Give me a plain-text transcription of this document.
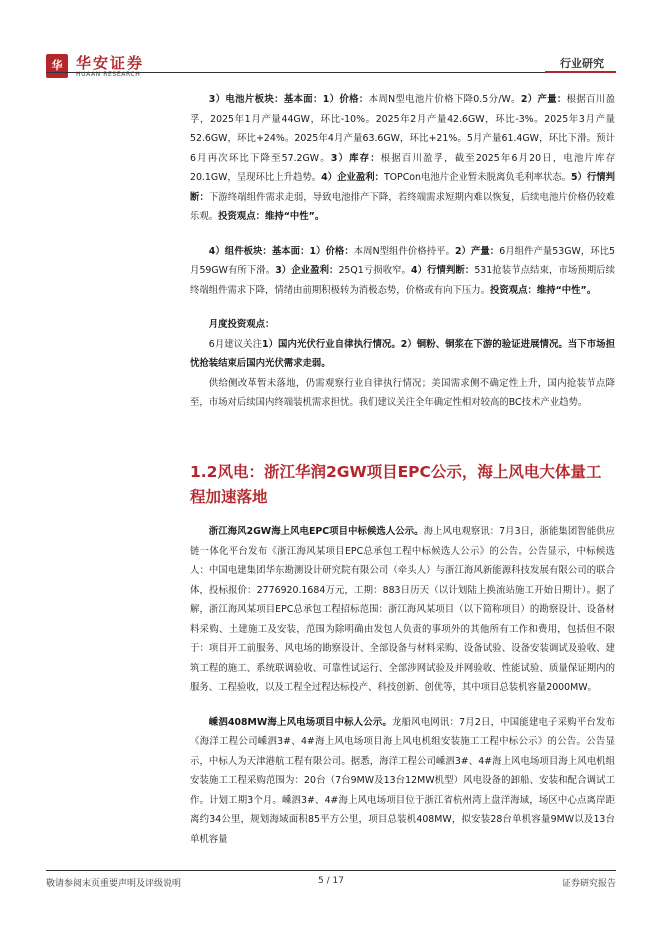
华 华安证券
HUAAN RESEARCH
行业研究

3）电池片板块：基本面：1）价格：本周N型电池片价格下降0.5分/W。2）产量：根据百川盈孚，2025年1月产量44GW，环比-10%。2025年2月产量42.6GW，环比-3%。2025年3月产量52.6GW，环比+24%。2025年4月产量63.6GW，环比+21%。5月产量61.4GW，环比下滑。预计6月再次环比下降至57.2GW。3）库存：根据百川盈孚，截至2025年6月20日，电池片库存20.1GW，呈现环比上升趋势。4）企业盈利：TOPCon电池片企业暂未脱离负毛利率状态。5）行情判断：下游终端组件需求走弱，导致电池排产下降，若终端需求短期内难以恢复，后续电池片价格仍较难乐观。投资观点：维持“中性”。

4）组件板块：基本面：1）价格：本周N型组件价格持平。2）产量：6月组件产量53GW，环比5月59GW有所下滑。3）企业盈利：25Q1亏损收窄。4）行情判断：531抢装节点结束，市场预期后续终端组件需求下降，情绪由前期积极转为消极态势，价格或有向下压力。投资观点：维持“中性”。

月度投资观点：

6月建议关注1）国内光伏行业自律执行情况。2）铜粉、铜浆在下游的验证进展情况。当下市场担忧抢装结束后国内光伏需求走弱。

供给侧改革暂未落地，仍需观察行业自律执行情况；美国需求侧不确定性上升，国内抢装节点降至，市场对后续国内终端装机需求担忧。我们建议关注全年确定性相对较高的BC技术产业趋势。

1.2风电：浙江华润2GW项目EPC公示，海上风电大体量工程加速落地

浙江海风2GW海上风电EPC项目中标候选人公示。海上风电观察讯：7月3日，浙能集团智能供应链一体化平台发布《浙江海风某项目EPC总承包工程中标候选人公示》的公告。公告显示，中标候选人：中国电建集团华东勘测设计研究院有限公司（牵头人）与浙江海风新能源科技发展有限公司的联合体，投标报价：2776920.1684万元，工期：883日历天（以计划陆上换流站施工开始日期计）。据了解，浙江海风某项目EPC总承包工程招标范围：浙江海风某项目（以下简称项目）的勘察设计、设备材料采购、土建施工及安装，范围为除明确由发包人负责的事项外的其他所有工作和费用，包括但不限于：项目开工前服务、风电场的勘察设计、全部设备与材料采购、设备试验、设备安装调试及验收、建筑工程的施工、系统联调验收、可靠性试运行、全部涉网试验及并网验收、性能试验、质量保证期内的服务、工程验收，以及工程全过程达标投产、科技创新、创优等，其中项目总装机容量2000MW。

嵊泗408MW海上风电场项目中标人公示。龙船风电网讯：7月2日，中国能建电子采购平台发布《海洋工程公司嵊泗3#、4#海上风电场项目海上风电机组安装施工工程中标公示》的公告。公告显示，中标人为天津港航工程有限公司。据悉，海洋工程公司嵊泗3#、4#海上风电场项目海上风电机组安装施工工程采购范围为：20台（7台9MW及13台12MW机型）风电设备的卸船、安装和配合调试工作。计划工期3个月。嵊泗3#、4#海上风电场项目位于浙江省杭州湾上盘洋海域，场区中心点离岸距离约34公里，规划海域面积85平方公里，项目总装机408MW，拟安装28台单机容量9MW以及13台单机容量

敬请参阅末页重要声明及评级说明	5 / 17	证券研究报告
